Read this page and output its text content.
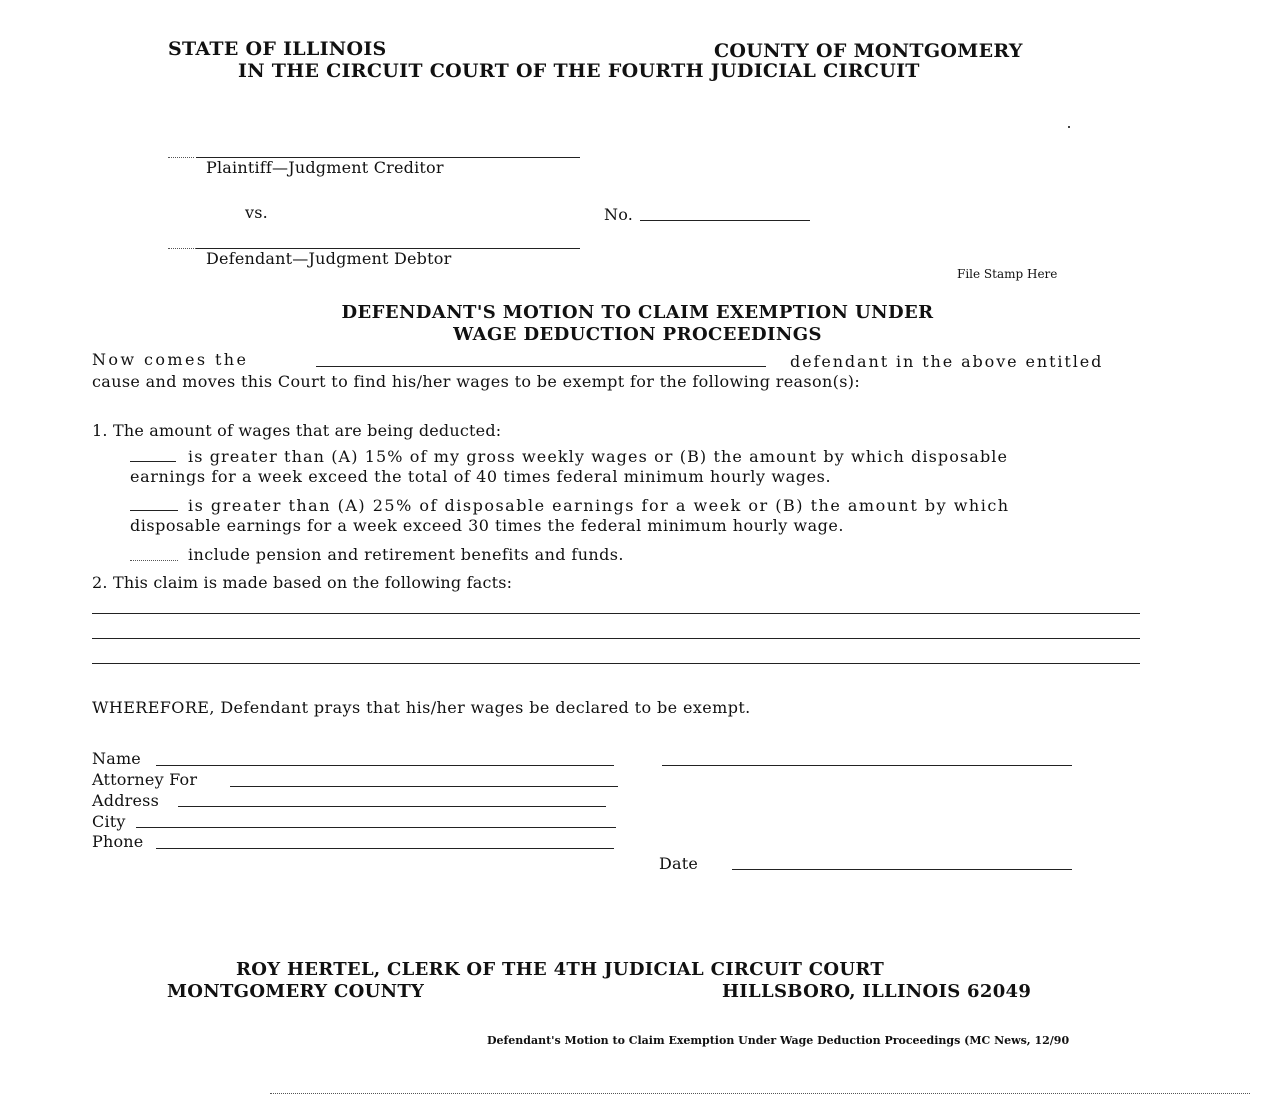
STATE OF ILLINOIS	COUNTY OF MONTGOMERY
IN THE CIRCUIT COURT OF THE FOURTH JUDICIAL CIRCUIT
Plaintiff—Judgment Creditor
vs.	No.
Defendant—Judgment Debtor
File Stamp Here
DEFENDANT'S MOTION TO CLAIM EXEMPTION UNDER
WAGE DEDUCTION PROCEEDINGS
Now comes the	defendant in the above entitled
cause and moves this Court to find his/her wages to be exempt for the following reason(s):
1. The amount of wages that are being deducted:
is greater than (A) 15% of my gross weekly wages or (B) the amount by which disposable
earnings for a week exceed the total of 40 times federal minimum hourly wages.
is greater than (A) 25% of disposable earnings for a week or (B) the amount by which
disposable earnings for a week exceed 30 times the federal minimum hourly wage.
include pension and retirement benefits and funds.
2. This claim is made based on the following facts:
WHEREFORE, Defendant prays that his/her wages be declared to be exempt.
Name
Attorney For
Address
City
Phone
Date
ROY HERTEL, CLERK OF THE 4TH JUDICIAL CIRCUIT COURT
MONTGOMERY COUNTY	HILLSBORO, ILLINOIS 62049
Defendant's Motion to Claim Exemption Under Wage Deduction Proceedings (MC News, 12/90
